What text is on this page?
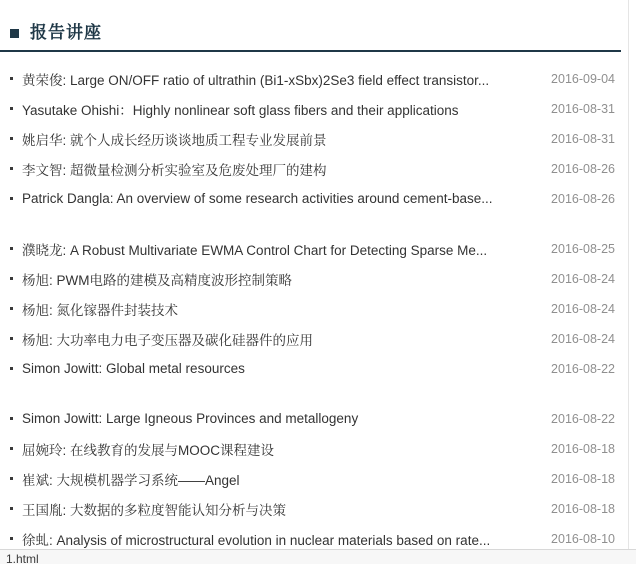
报告讲座
黄荣俊: Large ON/OFF ratio of ultrathin (Bi1-xSbx)2Se3 field effect transistor...	2016-09-04
Yasutake Ohishi：Highly nonlinear soft glass fibers and their applications	2016-08-31
姚启华: 就个人成长经历谈谈地质工程专业发展前景	2016-08-31
李文智: 超微量检测分析实验室及危废处理厂的建构	2016-08-26
Patrick Dangla: An overview of some research activities around cement-base...	2016-08-26
濮晓龙: A Robust Multivariate EWMA Control Chart for Detecting Sparse Me...	2016-08-25
杨旭: PWM电路的建模及高精度波形控制策略	2016-08-24
杨旭: 氮化镓器件封装技术	2016-08-24
杨旭: 大功率电力电子变压器及碳化硅器件的应用	2016-08-24
Simon Jowitt: Global metal resources	2016-08-22
Simon Jowitt: Large Igneous Provinces and metallogeny	2016-08-22
屈婉玲: 在线教育的发展与MOOC课程建设	2016-08-18
崔斌: 大规模机器学习系统——Angel	2016-08-18
王国胤: 大数据的多粒度智能认知分析与决策	2016-08-18
徐虬: Analysis of microstructural evolution in nuclear materials based on rate...	2016-08-10
1.html
